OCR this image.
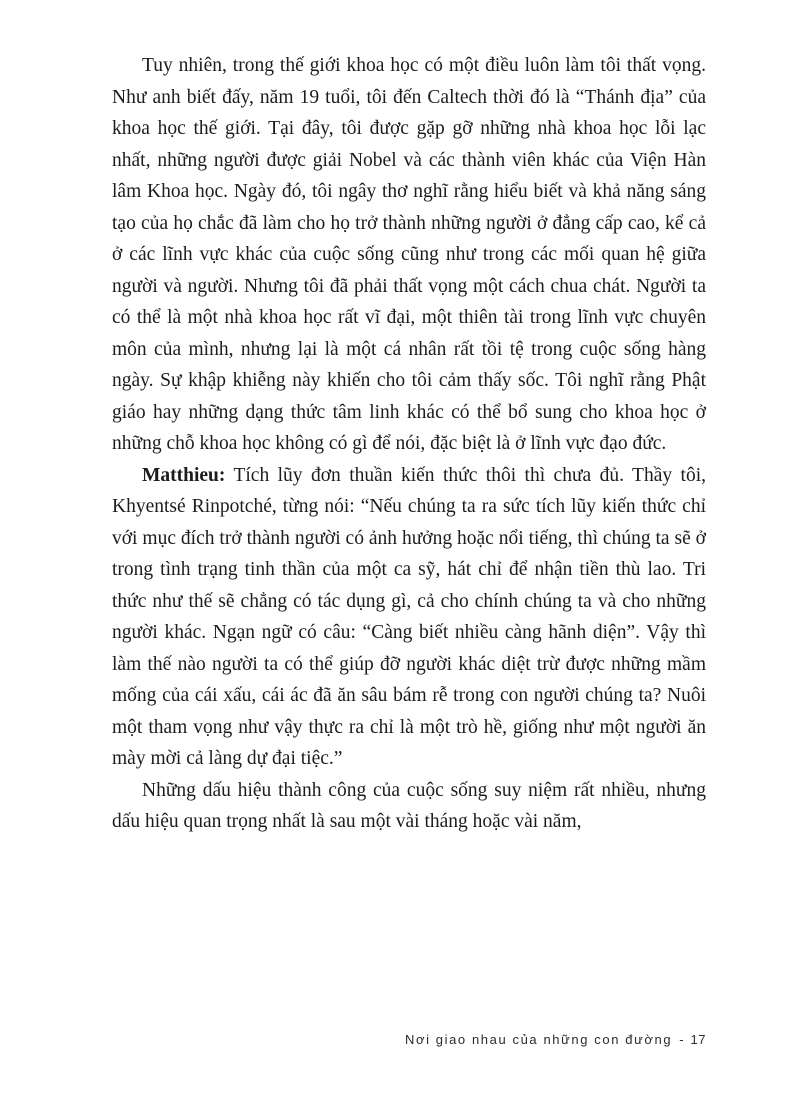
Tuy nhiên, trong thế giới khoa học có một điều luôn làm tôi thất vọng. Như anh biết đấy, năm 19 tuổi, tôi đến Caltech thời đó là “Thánh địa” của khoa học thế giới. Tại đây, tôi được gặp gỡ những nhà khoa học lỗi lạc nhất, những người được giải Nobel và các thành viên khác của Viện Hàn lâm Khoa học. Ngày đó, tôi ngây thơ nghĩ rằng hiểu biết và khả năng sáng tạo của họ chắc đã làm cho họ trở thành những người ở đẳng cấp cao, kể cả ở các lĩnh vực khác của cuộc sống cũng như trong các mối quan hệ giữa người và người. Nhưng tôi đã phải thất vọng một cách chua chát. Người ta có thể là một nhà khoa học rất vĩ đại, một thiên tài trong lĩnh vực chuyên môn của mình, nhưng lại là một cá nhân rất tồi tệ trong cuộc sống hàng ngày. Sự khập khiễng này khiến cho tôi cảm thấy sốc. Tôi nghĩ rằng Phật giáo hay những dạng thức tâm linh khác có thể bổ sung cho khoa học ở những chỗ khoa học không có gì để nói, đặc biệt là ở lĩnh vực đạo đức.

Matthieu: Tích lũy đơn thuần kiến thức thôi thì chưa đủ. Thầy tôi, Khyentsé Rinpotché, từng nói: “Nếu chúng ta ra sức tích lũy kiến thức chỉ với mục đích trở thành người có ảnh hưởng hoặc nổi tiếng, thì chúng ta sẽ ở trong tình trạng tinh thần của một ca sỹ, hát chỉ để nhận tiền thù lao. Tri thức như thế sẽ chẳng có tác dụng gì, cả cho chính chúng ta và cho những người khác. Ngạn ngữ có câu: “Càng biết nhiều càng hãnh diện”. Vậy thì làm thế nào người ta có thể giúp đỡ người khác diệt trừ được những mầm mống của cái xấu, cái ác đã ăn sâu bám rễ trong con người chúng ta? Nuôi một tham vọng như vậy thực ra chỉ là một trò hề, giống như một người ăn mày mời cả làng dự đại tiệc.”

Những dấu hiệu thành công của cuộc sống suy niệm rất nhiều, nhưng dấu hiệu quan trọng nhất là sau một vài tháng hoặc vài năm,

Nơi giao nhau của những con đường - 17
